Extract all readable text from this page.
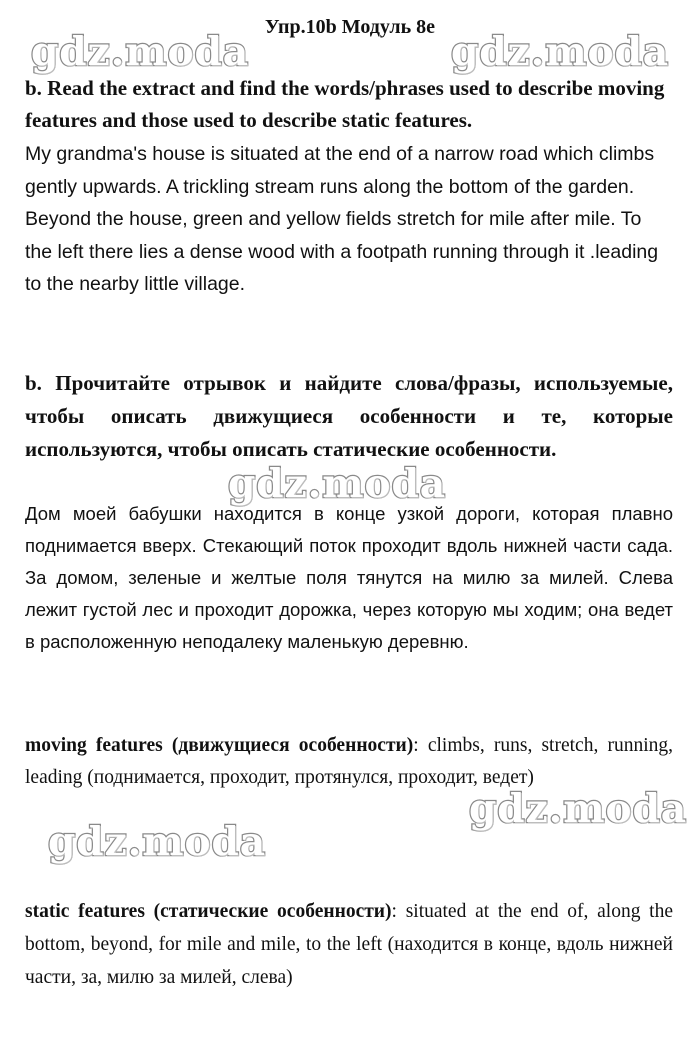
Упр.10b Модуль 8е

b. Read the extract and find the words/phrases used to describe moving features and those used to describe static features.

My grandma's house is situated at the end of a narrow road which climbs gently upwards. A trickling stream runs along the bottom of the garden. Beyond the house, green and yellow fields stretch for mile after mile. To the left there lies a dense wood with a footpath running through it .leading to the nearby little village.

b. Прочитайте отрывок и найдите слова/фразы, используемые, чтобы описать движущиеся особенности и те, которые используются, чтобы описать статические особенности.

Дом моей бабушки находится в конце узкой дороги, которая плавно поднимается вверх. Стекающий поток проходит вдоль нижней части сада. За домом, зеленые и желтые поля тянутся на милю за милей. Слева лежит густой лес и проходит дорожка, через которую мы ходим; она ведет в расположенную неподалеку маленькую деревню.

moving features (движущиеся особенности): climbs, runs, stretch, running, leading (поднимается, проходит, протянулся, проходит, ведет)

static features (статические особенности): situated at the end of, along the bottom, beyond, for mile and mile, to the left (находится в конце, вдоль нижней части, за, милю за милей, слева)

gdz.moda	gdz.moda
gdz.moda
gdz.moda
gdz.moda
